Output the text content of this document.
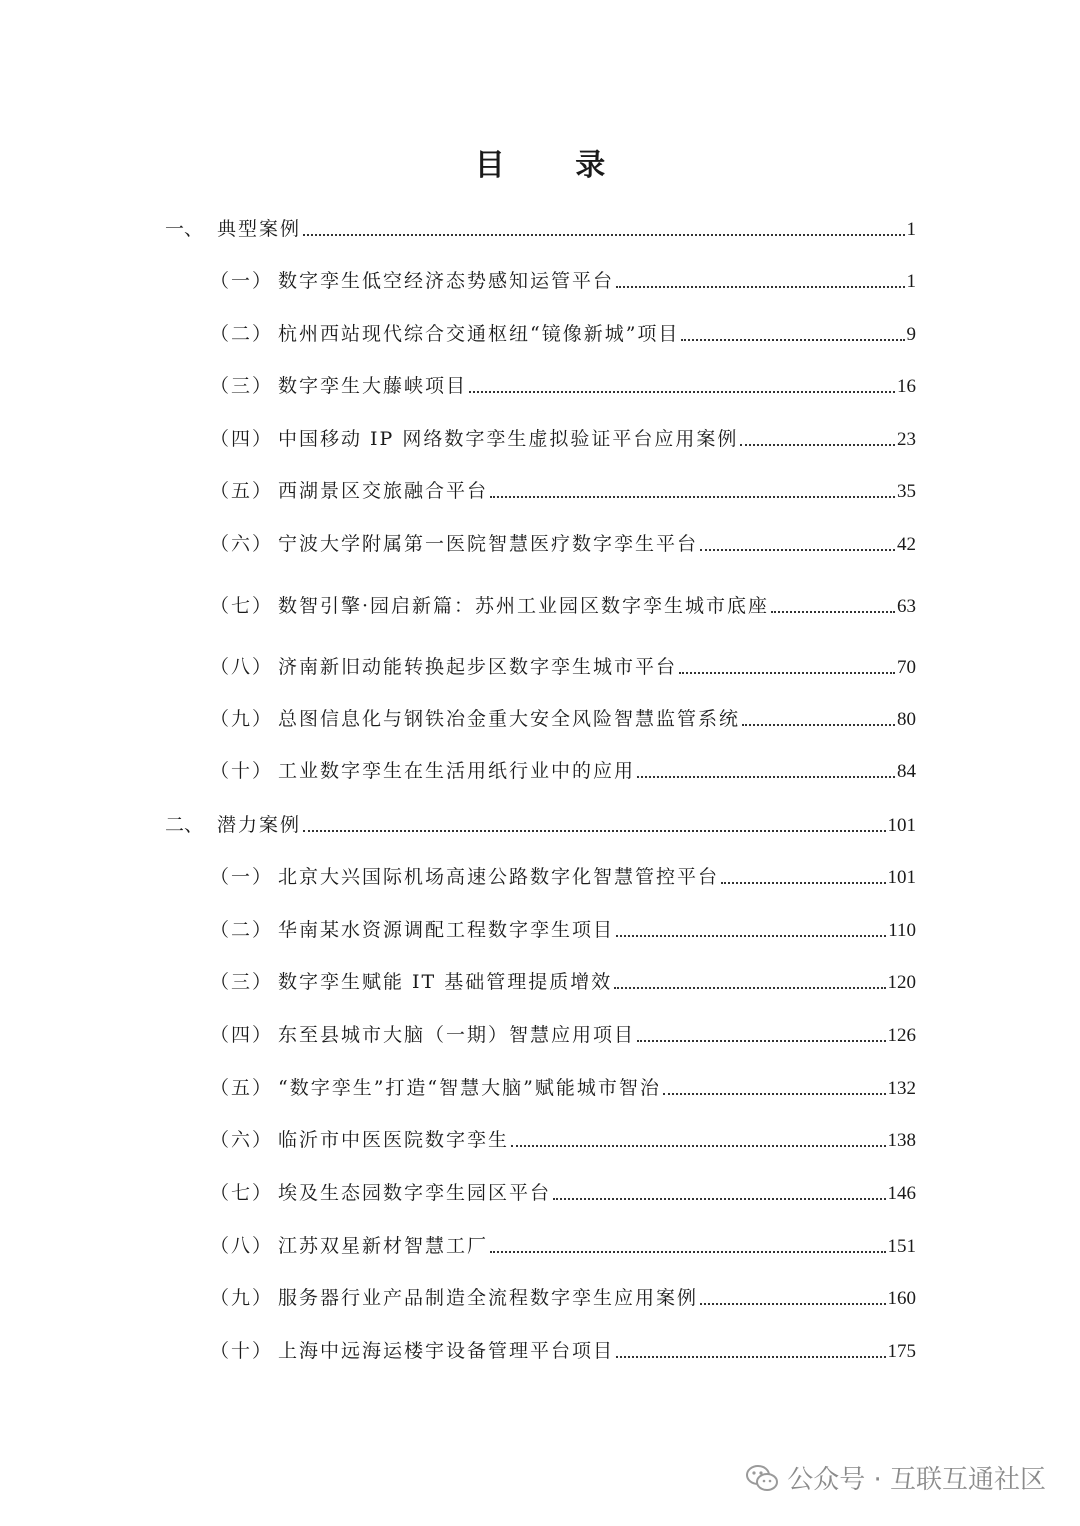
目 录
一、 典型案例	1
（一） 数字孪生低空经济态势感知运管平台	1
（二） 杭州西站现代综合交通枢纽“镜像新城”项目	9
（三） 数字孪生大藤峡项目	16
（四） 中国移动 IP 网络数字孪生虚拟验证平台应用案例	23
（五） 西湖景区交旅融合平台	35
（六） 宁波大学附属第一医院智慧医疗数字孪生平台	42
（七） 数智引擎·园启新篇：苏州工业园区数字孪生城市底座	63
（八） 济南新旧动能转换起步区数字孪生城市平台	70
（九） 总图信息化与钢铁冶金重大安全风险智慧监管系统	80
（十） 工业数字孪生在生活用纸行业中的应用	84
二、 潜力案例	101
（一） 北京大兴国际机场高速公路数字化智慧管控平台	101
（二） 华南某水资源调配工程数字孪生项目	110
（三） 数字孪生赋能 IT 基础管理提质增效	120
（四） 东至县城市大脑（一期）智慧应用项目	126
（五） “数字孪生”打造“智慧大脑”赋能城市智治	132
（六） 临沂市中医医院数字孪生	138
（七） 埃及生态园数字孪生园区平台	146
（八） 江苏双星新材智慧工厂	151
（九） 服务器行业产品制造全流程数字孪生应用案例	160
（十） 上海中远海运楼宇设备管理平台项目	175
公众号 · 互联互通社区
